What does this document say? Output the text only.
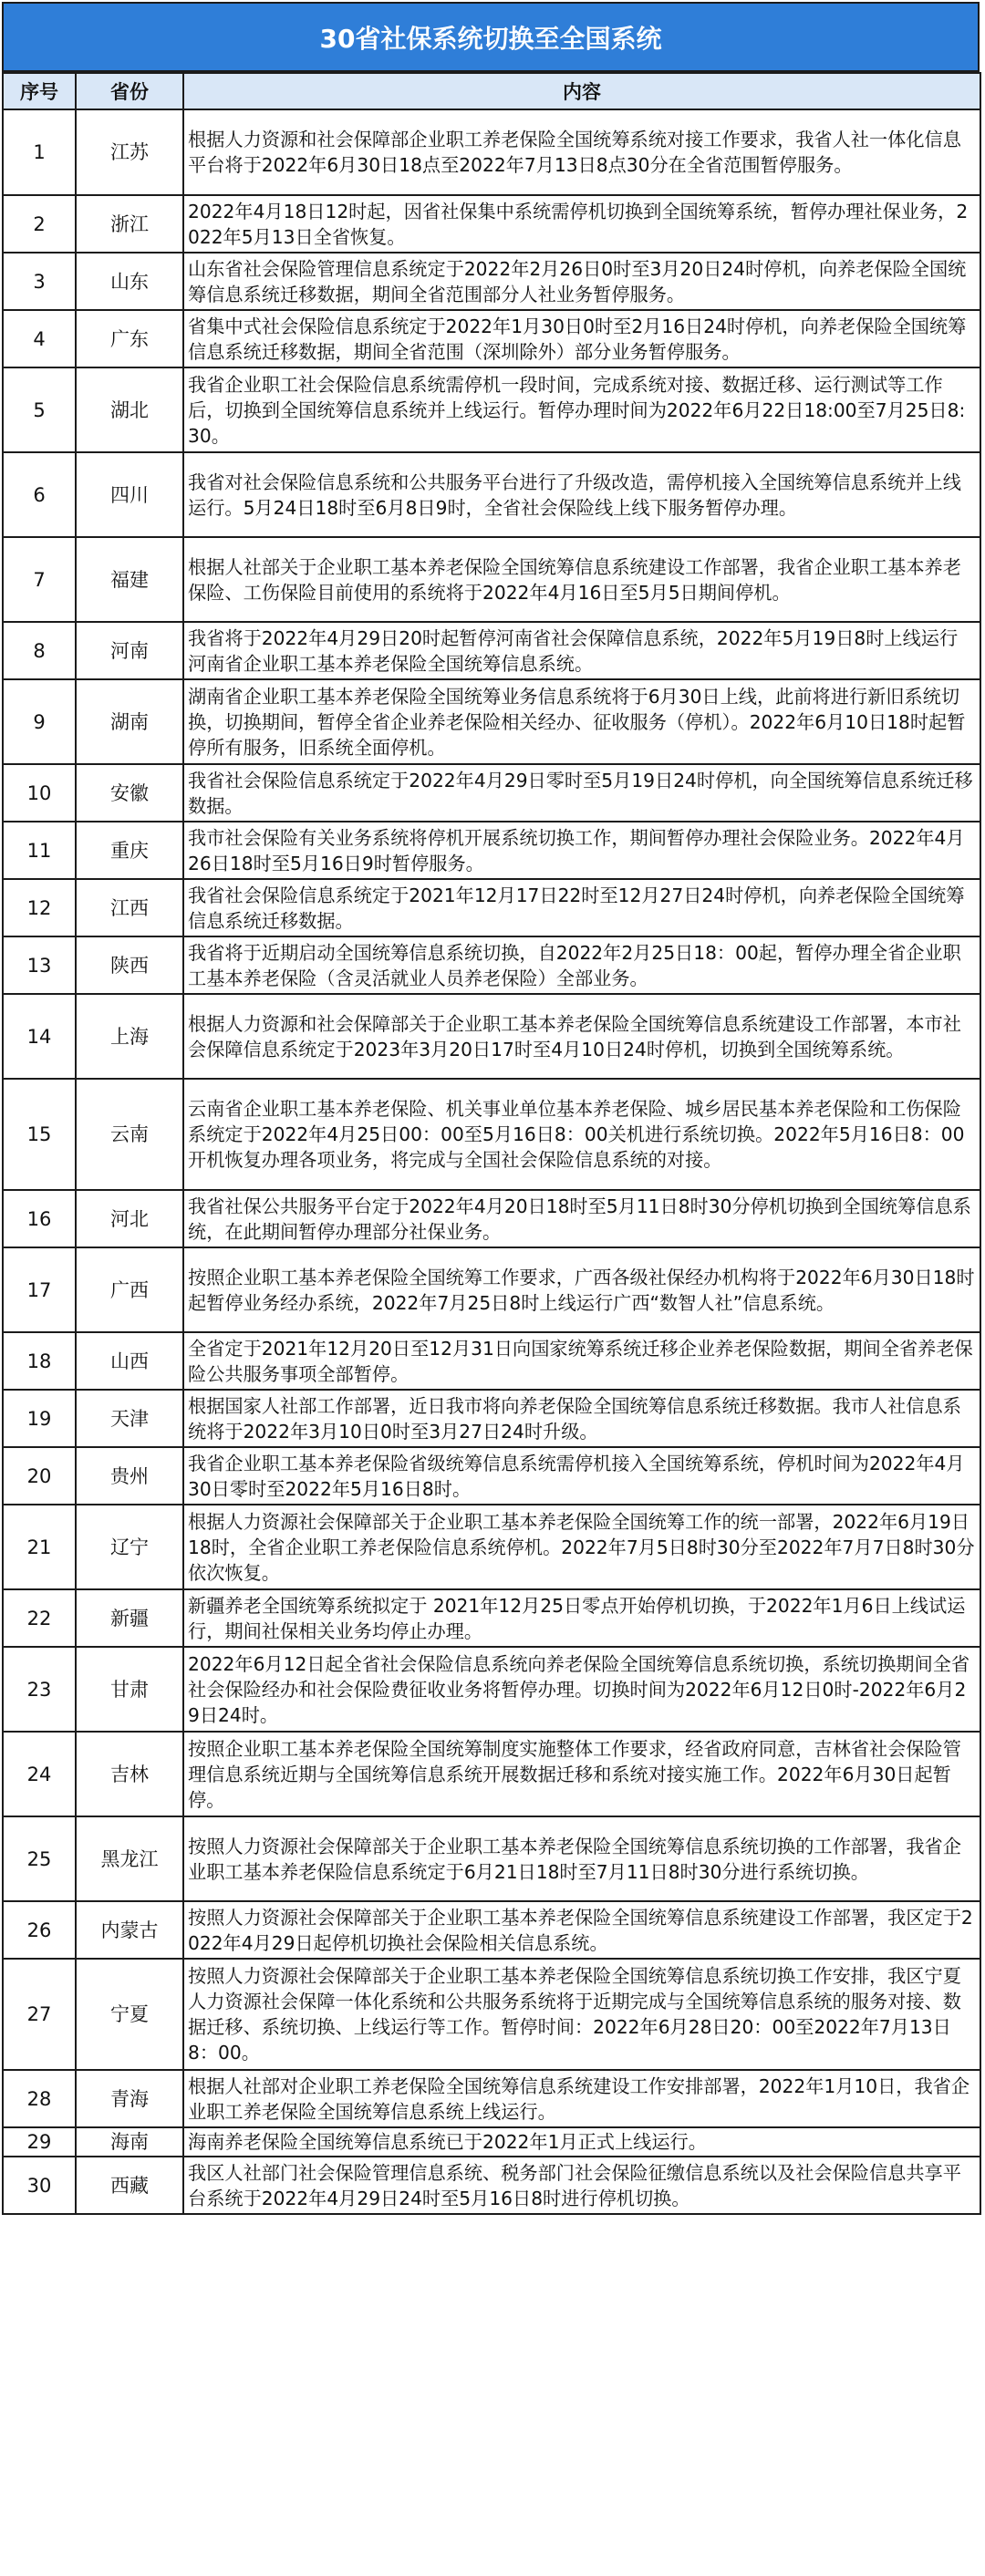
30省社保系统切换至全国系统
序号	省份	内容
1	江苏	根据人力资源和社会保障部企业职工养老保险全国统筹系统对接工作要求，我省人社一体化信息平台将于2022年6月30日18点至2022年7月13日8点30分在全省范围暂停服务。
2	浙江	2022年4月18日12时起，因省社保集中系统需停机切换到全国统筹系统，暂停办理社保业务，2022年5月13日全省恢复。
3	山东	山东省社会保险管理信息系统定于2022年2月26日0时至3月20日24时停机，向养老保险全国统筹信息系统迁移数据，期间全省范围部分人社业务暂停服务。
4	广东	省集中式社会保险信息系统定于2022年1月30日0时至2月16日24时停机，向养老保险全国统筹信息系统迁移数据，期间全省范围（深圳除外）部分业务暂停服务。
5	湖北	我省企业职工社会保险信息系统需停机一段时间，完成系统对接、数据迁移、运行测试等工作后，切换到全国统筹信息系统并上线运行。暂停办理时间为2022年6月22日18:00至7月25日8:30。
6	四川	我省对社会保险信息系统和公共服务平台进行了升级改造，需停机接入全国统筹信息系统并上线运行。5月24日18时至6月8日9时，全省社会保险线上线下服务暂停办理。
7	福建	根据人社部关于企业职工基本养老保险全国统筹信息系统建设工作部署，我省企业职工基本养老保险、工伤保险目前使用的系统将于2022年4月16日至5月5日期间停机。
8	河南	我省将于2022年4月29日20时起暂停河南省社会保障信息系统，2022年5月19日8时上线运行河南省企业职工基本养老保险全国统筹信息系统。
9	湖南	湖南省企业职工基本养老保险全国统筹业务信息系统将于6月30日上线，此前将进行新旧系统切换，切换期间，暂停全省企业养老保险相关经办、征收服务（停机）。2022年6月10日18时起暂停所有服务，旧系统全面停机。
10	安徽	我省社会保险信息系统定于2022年4月29日零时至5月19日24时停机，向全国统筹信息系统迁移数据。
11	重庆	我市社会保险有关业务系统将停机开展系统切换工作，期间暂停办理社会保险业务。2022年4月26日18时至5月16日9时暂停服务。
12	江西	我省社会保险信息系统定于2021年12月17日22时至12月27日24时停机，向养老保险全国统筹信息系统迁移数据。
13	陕西	我省将于近期启动全国统筹信息系统切换，自2022年2月25日18：00起，暂停办理全省企业职工基本养老保险（含灵活就业人员养老保险）全部业务。
14	上海	根据人力资源和社会保障部关于企业职工基本养老保险全国统筹信息系统建设工作部署，本市社会保障信息系统定于2023年3月20日17时至4月10日24时停机，切换到全国统筹系统。
15	云南	云南省企业职工基本养老保险、机关事业单位基本养老保险、城乡居民基本养老保险和工伤保险系统定于2022年4月25日00：00至5月16日8：00关机进行系统切换。2022年5月16日8：00开机恢复办理各项业务，将完成与全国社会保险信息系统的对接。
16	河北	我省社保公共服务平台定于2022年4月20日18时至5月11日8时30分停机切换到全国统筹信息系统，在此期间暂停办理部分社保业务。
17	广西	按照企业职工基本养老保险全国统筹工作要求，广西各级社保经办机构将于2022年6月30日18时起暂停业务经办系统，2022年7月25日8时上线运行广西“数智人社”信息系统。
18	山西	全省定于2021年12月20日至12月31日向国家统筹系统迁移企业养老保险数据，期间全省养老保险公共服务事项全部暂停。
19	天津	根据国家人社部工作部署，近日我市将向养老保险全国统筹信息系统迁移数据。我市人社信息系统将于2022年3月10日0时至3月27日24时升级。
20	贵州	我省企业职工基本养老保险省级统筹信息系统需停机接入全国统筹系统，停机时间为2022年4月30日零时至2022年5月16日8时。
21	辽宁	根据人力资源社会保障部关于企业职工基本养老保险全国统筹工作的统一部署，2022年6月19日18时，全省企业职工养老保险信息系统停机。2022年7月5日8时30分至2022年7月7日8时30分依次恢复。
22	新疆	新疆养老全国统筹系统拟定于 2021年12月25日零点开始停机切换，于2022年1月6日上线试运行，期间社保相关业务均停止办理。
23	甘肃	2022年6月12日起全省社会保险信息系统向养老保险全国统筹信息系统切换，系统切换期间全省社会保险经办和社会保险费征收业务将暂停办理。切换时间为2022年6月12日0时-2022年6月29日24时。
24	吉林	按照企业职工基本养老保险全国统筹制度实施整体工作要求，经省政府同意，吉林省社会保险管理信息系统近期与全国统筹信息系统开展数据迁移和系统对接实施工作。2022年6月30日起暂停。
25	黑龙江	按照人力资源社会保障部关于企业职工基本养老保险全国统筹信息系统切换的工作部署，我省企业职工基本养老保险信息系统定于6月21日18时至7月11日8时30分进行系统切换。
26	内蒙古	按照人力资源社会保障部关于企业职工基本养老保险全国统筹信息系统建设工作部署，我区定于2022年4月29日起停机切换社会保险相关信息系统。
27	宁夏	按照人力资源社会保障部关于企业职工基本养老保险全国统筹信息系统切换工作安排，我区宁夏人力资源社会保障一体化系统和公共服务系统将于近期完成与全国统筹信息系统的服务对接、数据迁移、系统切换、上线运行等工作。暂停时间：2022年6月28日20：00至2022年7月13日8：00。
28	青海	根据人社部对企业职工养老保险全国统筹信息系统建设工作安排部署，2022年1月10日，我省企业职工养老保险全国统筹信息系统上线运行。
29	海南	海南养老保险全国统筹信息系统已于2022年1月正式上线运行。
30	西藏	我区人社部门社会保险管理信息系统、税务部门社会保险征缴信息系统以及社会保险信息共享平台系统于2022年4月29日24时至5月16日8时进行停机切换。
